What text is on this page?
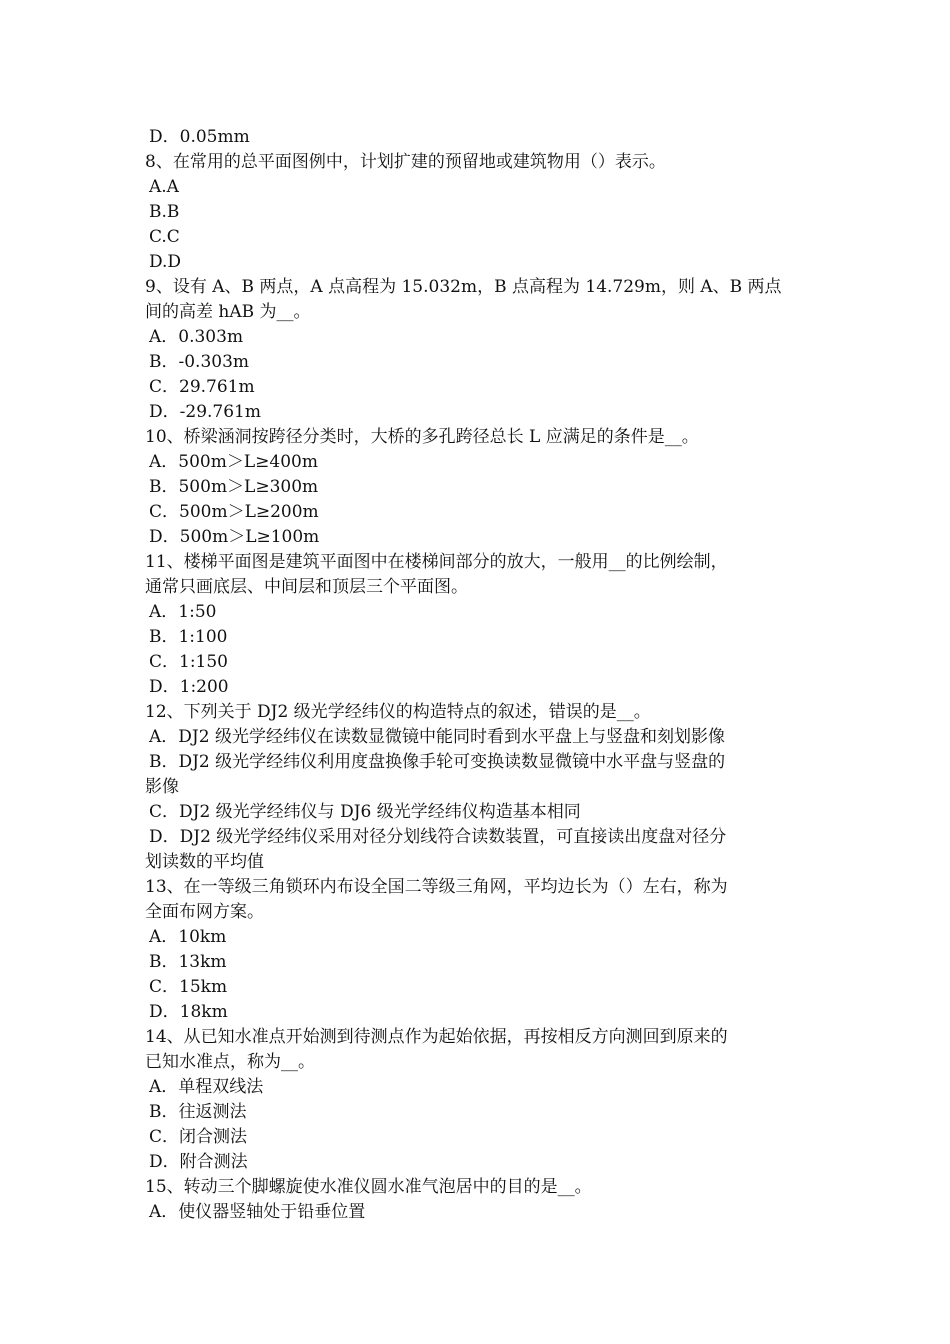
D．0.05mm
8、在常用的总平面图例中，计划扩建的预留地或建筑物用（）表示。
A.A
B.B
C.C
D.D
9、设有 A、B 两点，A 点高程为 15.032m，B 点高程为 14.729m，则 A、B 两点
间的高差 hAB 为__。
A．0.303m
B．-0.303m
C．29.761m
D．-29.761m
10、桥梁涵洞按跨径分类时，大桥的多孔跨径总长 L 应满足的条件是__。
A．500m＞L≥400m
B．500m＞L≥300m
C．500m＞L≥200m
D．500m＞L≥100m
11、楼梯平面图是建筑平面图中在楼梯间部分的放大，一般用__的比例绘制，
通常只画底层、中间层和顶层三个平面图。
A．1:50
B．1:100
C．1:150
D．1:200
12、下列关于 DJ2 级光学经纬仪的构造特点的叙述，错误的是__。
A．DJ2 级光学经纬仪在读数显微镜中能同时看到水平盘上与竖盘和刻划影像
B．DJ2 级光学经纬仪利用度盘换像手轮可变换读数显微镜中水平盘与竖盘的
影像
C．DJ2 级光学经纬仪与 DJ6 级光学经纬仪构造基本相同
D．DJ2 级光学经纬仪采用对径分划线符合读数装置，可直接读出度盘对径分
划读数的平均值
13、在一等级三角锁环内布设全国二等级三角网，平均边长为（）左右，称为
全面布网方案。
A．10km
B．13km
C．15km
D．18km
14、从已知水准点开始测到待测点作为起始依据，再按相反方向测回到原来的
已知水准点，称为__。
A．单程双线法
B．往返测法
C．闭合测法
D．附合测法
15、转动三个脚螺旋使水准仪圆水准气泡居中的目的是__。
A．使仪器竖轴处于铅垂位置
